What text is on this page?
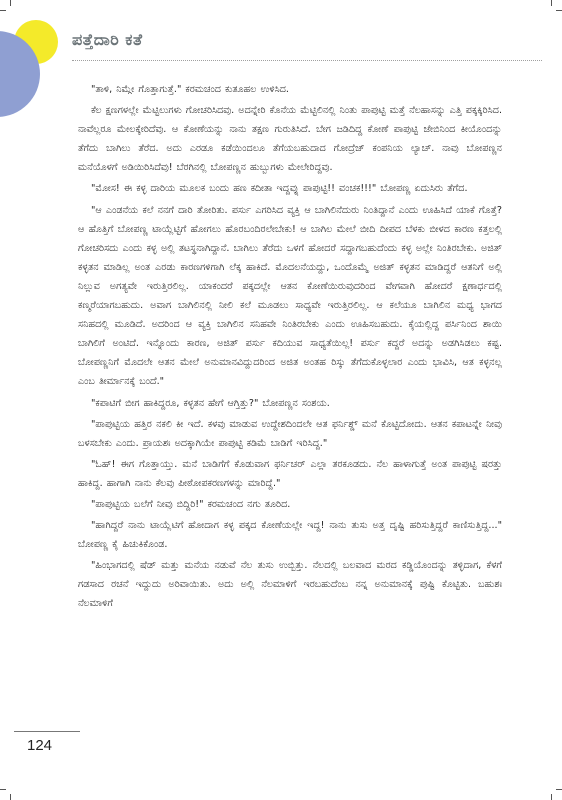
ಪತ್ತೆದಾರಿ ಕತೆ

"ತಾಳಿ, ನಿಮ್ಗೇ ಗೊತ್ತಾಗುತ್ತೆ." ಕರಮಚಂದ ಕುತೂಹಲ ಉಳಿಸಿದ.

ಕೆಲ ಕ್ಷಣಗಳಲ್ಲೇ ಮೆಟ್ಟಿಲುಗಳು ಗೋಚರಿಸಿದವು. ಅದನ್ನೇರಿ ಕೊನೆಯ ಮೆಟ್ಟಿಲಿನಲ್ಲಿ ನಿಂತು ಪಾಪುಟ್ಟಿ ಮತ್ತೆ ನೆಲಹಾಸನ್ನು ಎತ್ತಿ ಪಕ್ಕಕ್ಕಿರಿಸಿದ. ನಾವೆಲ್ಲರೂ ಮೇಲಕ್ಕೇರಿದೆವು. ಆ ಕೋಣೆಯನ್ನು ನಾನು ತಕ್ಷಣ ಗುರುತಿಸಿದೆ. ಬೇಗ ಜಡಿದಿದ್ದ ಕೋಣೆ ಪಾಪುಟ್ಟಿ ಜೇಬಿನಿಂದ ಕೀಯೊಂದನ್ನು ತೆಗೆದು ಬಾಗಿಲು ತೆರೆದ. ಅದು ಎರಡೂ ಕಡೆಯಿಂದಲೂ ತೆಗೆಯಬಹುದಾದ ಗೋದ್ರೆಜ್ ಕಂಪನಿಯ ಲ್ಯಾಚ್. ನಾವು ಬೋಪಣ್ಣನ ಮನೆಯೊಳಗೆ ಅಡಿಯಿರಿಸಿದೆವು! ಬೆರಗಿನಲ್ಲಿ ಬೋಪಣ್ಣನ ಹುಬ್ಬುಗಳು ಮೇಲೇರಿದ್ದವು.

"ಮೋಸ! ಈ ಕಳ್ಳ ದಾರಿಯ ಮೂಲಕ ಬಂದು ಹಣ ಕದೀತಾ ಇದ್ದವ್ನು ಪಾಪುಟ್ಟಿ!! ವಂಚಕ!!!" ಬೋಪಣ್ಣ ಏದುಸಿರು ತೆಗೆದ.

"ಆ ಎಂಡನೆಯ ಕಲೆ ನನಗೆ ದಾರಿ ತೋರಿತು. ಪರ್ಸು ಎಗರಿಸಿದ ವ್ಯಕ್ತಿ ಆ ಬಾಗಿಲಿನೆದುರು ನಿಂತಿದ್ದಾನೆ ಎಂದು ಊಹಿಸಿದೆ ಯಾಕೆ ಗೊತ್ತೆ? ಆ ಹೊತ್ತಿಗೆ ಬೋಪಣ್ಣ ಟಾಯ್ಲೆಟ್ಟಿಗೆ ಹೋಗಲು ಹೊರಬಂದಿರಲೇಬೇಕು! ಆ ಬಾಗಿಲ ಮೇಲೆ ಬೀದಿ ದೀಪದ ಬೆಳಕು ಬೀಳದ ಕಾರಣ ಕತ್ತಲಲ್ಲಿ ಗೋಚರಿಸದು ಎಂದು ಕಳ್ಳ ಅಲ್ಲಿ ತಟಸ್ಥನಾಗಿದ್ದಾನೆ. ಬಾಗಿಲು ತೆರೆದು ಒಳಗೆ ಹೋದರೆ ಸದ್ದಾಗಬಹುದೆಂದು ಕಳ್ಳ ಅಲ್ಲೇ ನಿಂತಿರಬೇಕು. ಅಜಿತ್ ಕಳ್ಳತನ ಮಾಡಿಲ್ಲ ಅಂತ ಎರಡು ಕಾರಣಗಳಿಗಾಗಿ ಲೆಕ್ಕ ಹಾಕಿದೆ. ಮೊದಲನೆಯದ್ದು, ಒಂದೊಮ್ಮೆ ಅಜಿತ್ ಕಳ್ಳತನ ಮಾಡಿದ್ದರೆ ಆತನಿಗೆ ಅಲ್ಲಿ ನಿಲ್ಲುವ ಅಗತ್ಯವೇ ಇರುತ್ತಿರಲಿಲ್ಲ. ಯಾಕಂದರೆ ಪಕ್ಕದಲ್ಲೇ ಆತನ ಕೋಣೆಯಿರುವುದರಿಂದ ವೇಗವಾಗಿ ಹೋದರೆ ಕ್ಷಣಾರ್ಧದಲ್ಲಿ ಕಣ್ಮರೆಯಾಗಬಹುದು. ಅವಾಗ ಬಾಗಿಲಿನಲ್ಲಿ ನೀಲಿ ಕಲೆ ಮೂಡಲು ಸಾಧ್ಯವೇ ಇರುತ್ತಿರಲಿಲ್ಲ. ಆ ಕಲೆಯೂ ಬಾಗಿಲಿನ ಮಧ್ಯ ಭಾಗದ ಸನಿಹದಲ್ಲಿ ಮೂಡಿದೆ. ಅದರಿಂದ ಆ ವ್ಯಕ್ತಿ ಬಾಗಿಲಿನ ಸನಿಹವೇ ನಿಂತಿರಬೇಕು ಎಂದು ಊಹಿಸಬಹುದು. ಕೈಯಲ್ಲಿದ್ದ ಪರ್ಸಿನಿಂದ ಶಾಯಿ ಬಾಗಿಲಿಗೆ ಅಂಟಿದೆ. ಇನ್ನೊಂದು ಕಾರಣ, ಅಜಿತ್ ಪರ್ಸು ಕದಿಯುವ ಸಾಧ್ಯತೆಯಿಲ್ಲ! ಪರ್ಸು ಕದ್ದರೆ ಅದನ್ನು ಅಡಗಿಸಿಡಲು ಕಷ್ಟ. ಬೋಪಣ್ಣನಿಗೆ ಮೊದಲೇ ಆತನ ಮೇಲೆ ಅನುಮಾನವಿದ್ದುದರಿಂದ ಅಜಿತ ಅಂತಹ ರಿಸ್ಕು ತೆಗೆದುಕೊಳ್ಳಲಾರ ಎಂದು ಭಾವಿಸಿ, ಆತ ಕಳ್ಳನಲ್ಲ ಎಂಬ ತೀರ್ಮಾನಕ್ಕೆ ಬಂದೆ."

"ಕಪಾಟಿಗೆ ಬೀಗ ಹಾಕಿದ್ದರೂ, ಕಳ್ಳತನ ಹೇಗೆ ಆಗ್ತಿತ್ತು?" ಬೋಪಣ್ಣನ ಸಂಶಯ.

"ಪಾಪುಟ್ಟಿಯ ಹತ್ತಿರ ನಕಲಿ ಕೀ ಇದೆ. ಕಳವು ಮಾಡುವ ಉದ್ದೇಶದಿಂದಲೇ ಆತ ಫರ್ನಿಶ್ಡ್ ಮನೆ ಕೊಟ್ಟಿದೋದು. ಆತನ ಕಪಾಟನ್ನೇ ನೀವು ಬಳಸಬೇಕು ಎಂದು. ಪ್ರಾಯಶಃ ಅದಕ್ಕಾಗಿಯೇ ಪಾಪುಟ್ಟಿ ಕಡಿಮೆ ಬಾಡಿಗೆ ಇರಿಸಿದ್ದ."

"ಓಹ್! ಈಗ ಗೊತ್ತಾಯ್ತು. ಮನೆ ಬಾಡಿಗೆಗೆ ಕೊಡುವಾಗ ಫರ್ನಿಚರ್ ಎಲ್ಲಾ ತರಕೂಡದು. ನೆಲ ಹಾಳಾಗುತ್ತೆ ಅಂತ ಪಾಪುಟ್ಟಿ ಷರತ್ತು ಹಾಕಿದ್ದ. ಹಾಗಾಗಿ ನಾನು ಕೆಲವು ಪೀಠೋಪಕರಣಗಳನ್ನು ಮಾರಿದ್ದೆ."

"ಪಾಪುಟ್ಟಿಯ ಬಲೆಗೆ ನೀವು ಬಿದ್ದಿರಿ!" ಕರಮಚಂದ ನಗು ತೂರಿದ.

"ಹಾಗಿದ್ದರೆ ನಾನು ಟಾಯ್ಲೆಟಿಗೆ ಹೋದಾಗ ಕಳ್ಳ ಪಕ್ಕದ ಕೋಣೆಯಲ್ಲೇ ಇದ್ದ! ನಾನು ತುಸು ಅತ್ತ ದೃಷ್ಟಿ ಹರಿಸುತ್ತಿದ್ದರೆ ಕಾಣಿಸುತ್ತಿದ್ದ..." ಬೋಪಣ್ಣ ಕೈ ಹಿಚುಕಿಕೊಂಡ.

"ಹಿಂಭಾಗದಲ್ಲಿ ಷೆಡ್ ಮತ್ತು ಮನೆಯ ನಡುವೆ ನೆಲ ತುಸು ಉಬ್ಬಿತ್ತು. ನೆಲದಲ್ಲಿ ಬಲವಾದ ಮರದ ಕಡ್ಡಿಯೊಂದನ್ನು ತಳ್ಳಿದಾಗ, ಕೆಳಗೆ ಗಡಸಾದ ರಚನೆ ಇದ್ದುದು ಅರಿವಾಯಿತು. ಅದು ಅಲ್ಲಿ ನೆಲಮಾಳಿಗೆ ಇರಬಹುದೆಂಬ ನನ್ನ ಅನುಮಾನಕ್ಕೆ ಪುಷ್ಟಿ ಕೊಟ್ಟಿತು. ಬಹುಶಃ ನೆಲಮಾಳಿಗೆ

124
